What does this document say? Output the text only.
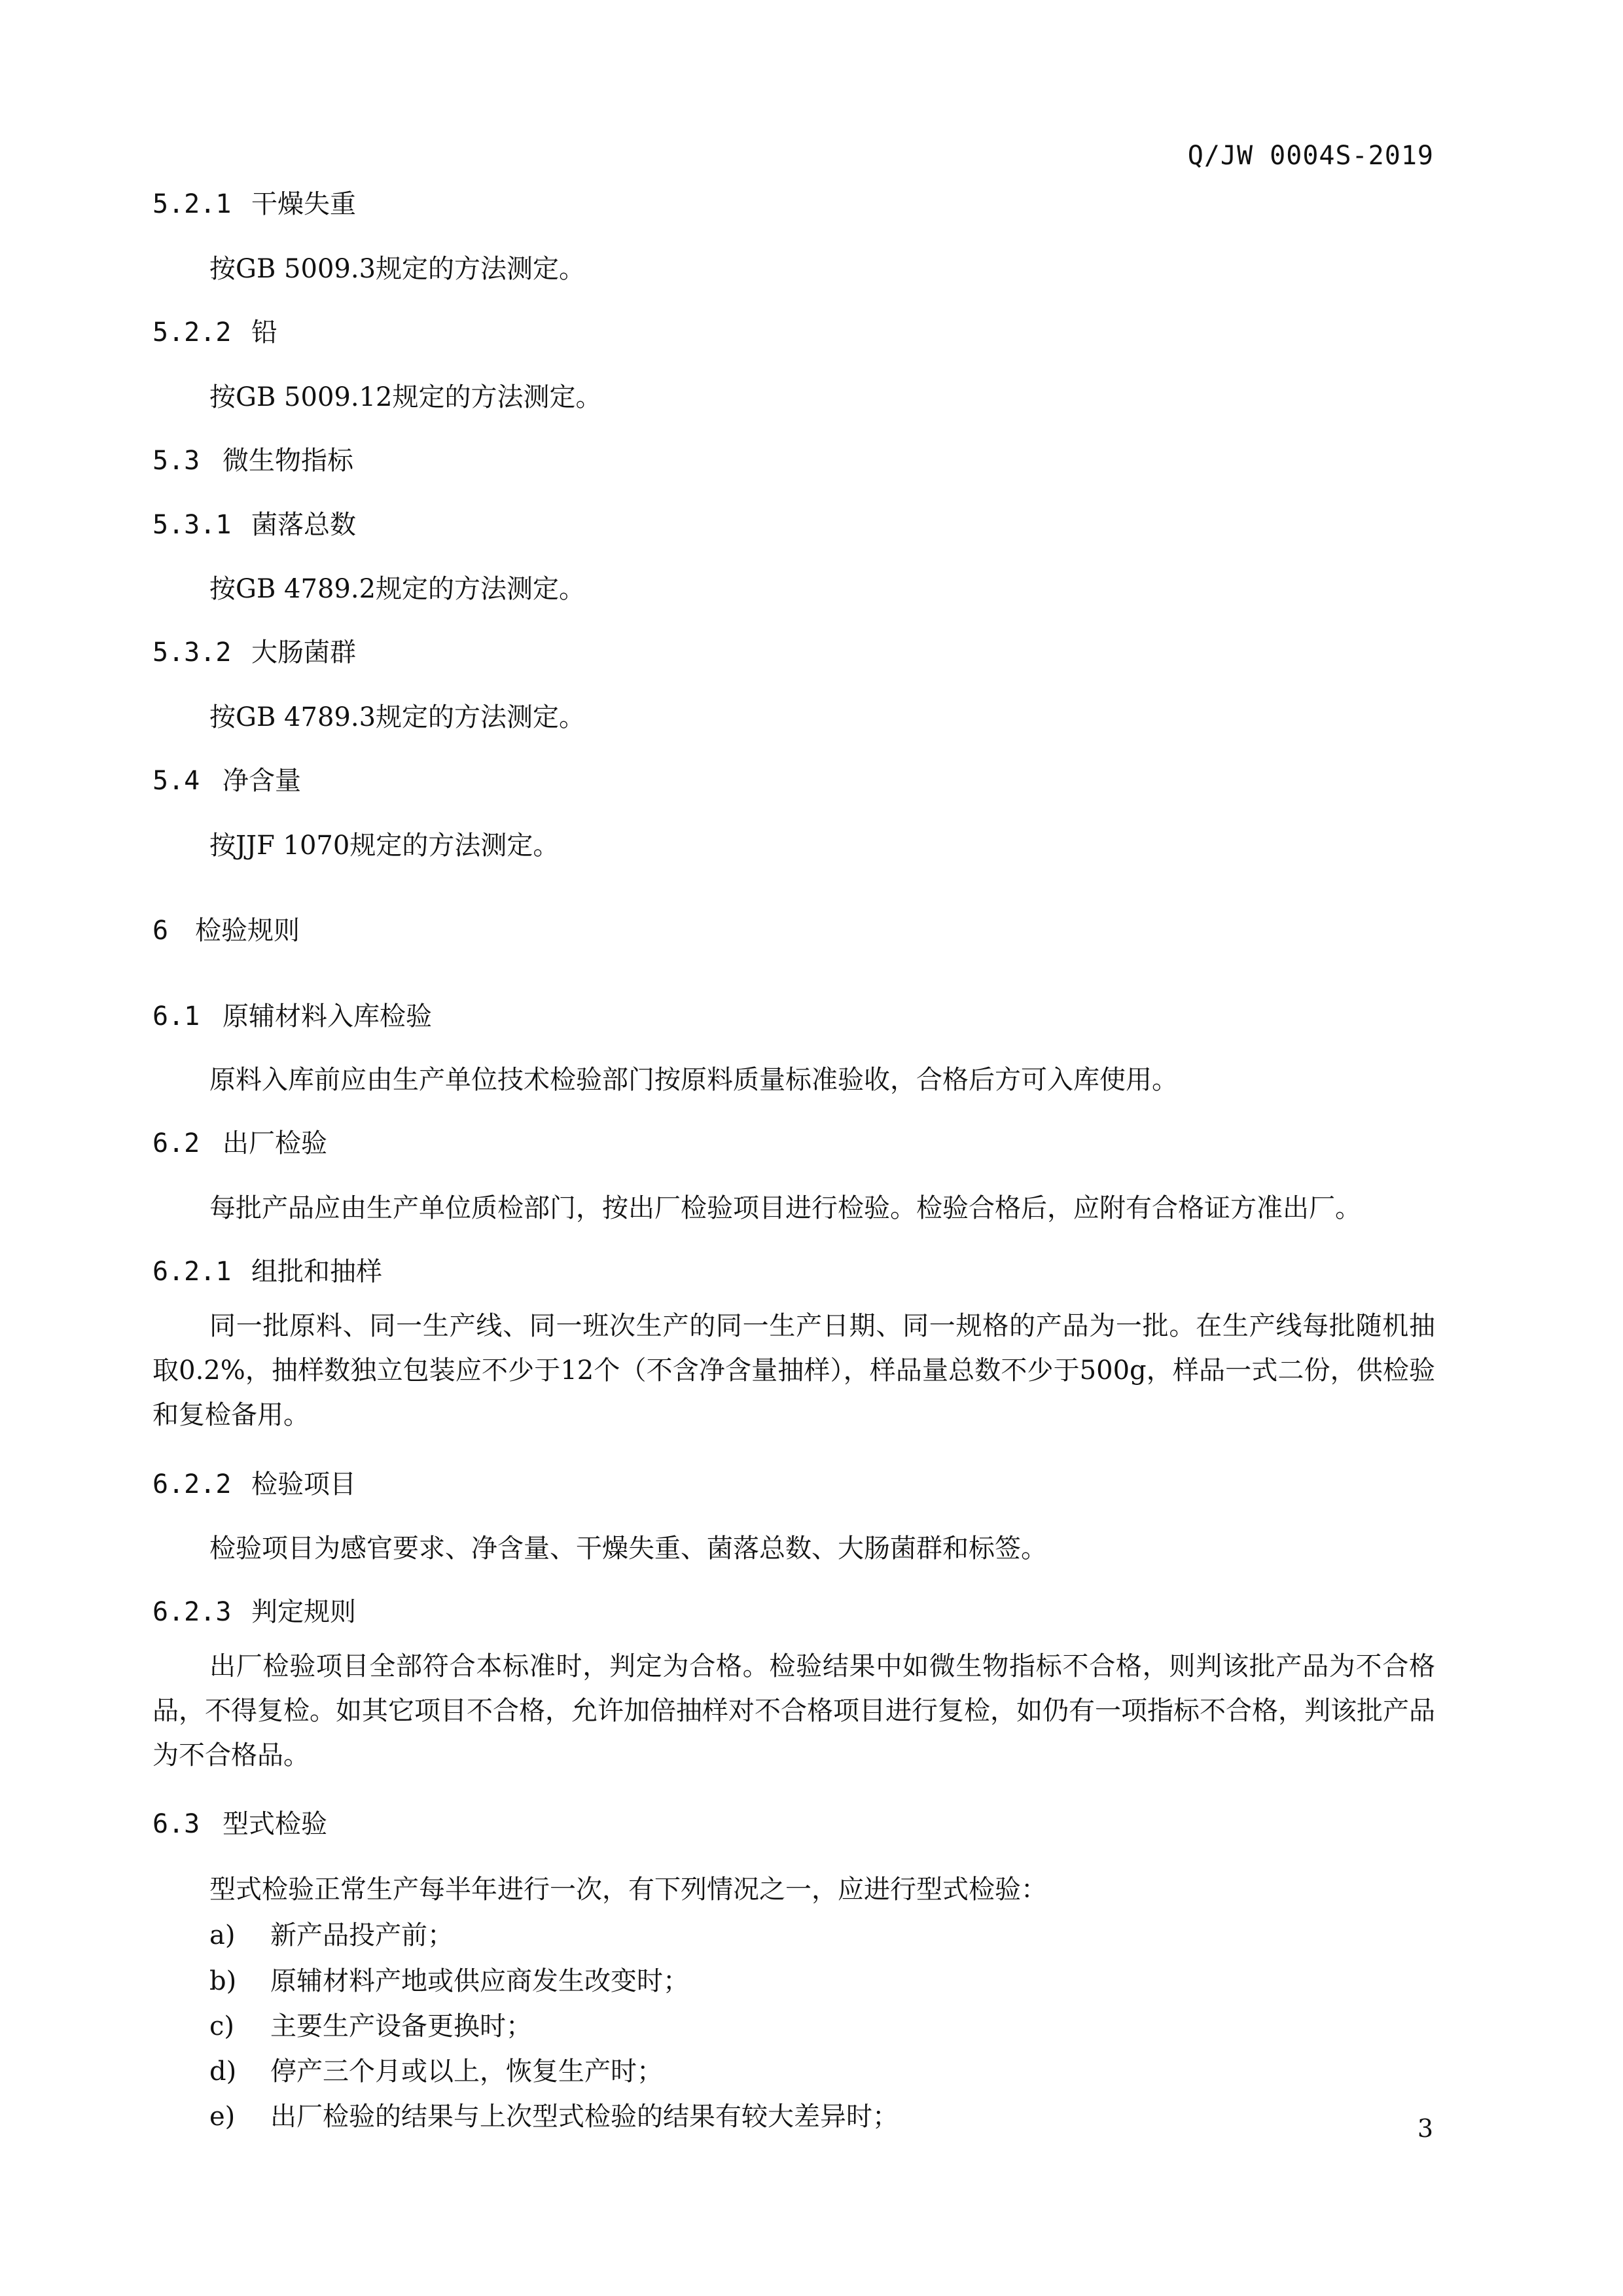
Q/JW 0004S-2019
5.2.1 干燥失重
按GB 5009.3规定的方法测定。
5.2.2 铅
按GB 5009.12规定的方法测定。
5.3 微生物指标
5.3.1 菌落总数
按GB 4789.2规定的方法测定。
5.3.2 大肠菌群
按GB 4789.3规定的方法测定。
5.4 净含量
按JJF 1070规定的方法测定。
6 检验规则
6.1 原辅材料入库检验
原料入库前应由生产单位技术检验部门按原料质量标准验收，合格后方可入库使用。
6.2 出厂检验
每批产品应由生产单位质检部门，按出厂检验项目进行检验。检验合格后，应附有合格证方准出厂。
6.2.1 组批和抽样
同一批原料、同一生产线、同一班次生产的同一生产日期、同一规格的产品为一批。在生产线每批随机抽取0.2%，抽样数独立包装应不少于12个（不含净含量抽样），样品量总数不少于500g，样品一式二份，供检验和复检备用。
6.2.2 检验项目
检验项目为感官要求、净含量、干燥失重、菌落总数、大肠菌群和标签。
6.2.3 判定规则
出厂检验项目全部符合本标准时，判定为合格。检验结果中如微生物指标不合格，则判该批产品为不合格品，不得复检。如其它项目不合格，允许加倍抽样对不合格项目进行复检，如仍有一项指标不合格，判该批产品为不合格品。
6.3 型式检验
型式检验正常生产每半年进行一次，有下列情况之一，应进行型式检验：
a) 新产品投产前；
b) 原辅材料产地或供应商发生改变时；
c) 主要生产设备更换时；
d) 停产三个月或以上，恢复生产时；
e) 出厂检验的结果与上次型式检验的结果有较大差异时；	3
